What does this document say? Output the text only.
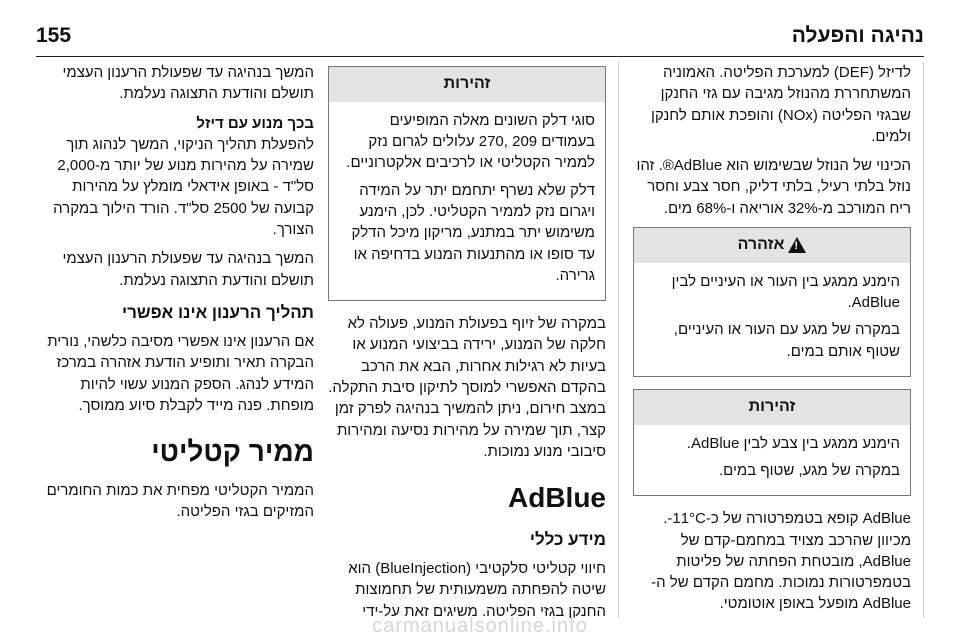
נהיגה והפעלה
155

המשך בנהיגה עד שפעולת הרענון העצמי תושלם והודעת התצוגה נעלמת.

בכך מנוע עם דיזל

להפעלת תהליך הניקוי, המשך לנהוג תוך שמירה על מהירות מנוע של יותר מ-2,000 סל"ד - באופן אידאלי מומלץ על מהירות קבועה של 2500 סל"ד. הורד הילוך במקרה הצורך.

המשך בנהיגה עד שפעולת הרענון העצמי תושלם והודעת התצוגה נעלמת.

תהליך הרענון אינו אפשרי

אם הרענון אינו אפשרי מסיבה כלשהי, נורית הבקרה תאיר ותופיע הודעת אזהרה במרכז המידע לנהג. הספק המנוע עשוי להיות מופחת. פנה מייד לקבלת סיוע ממוסך.

ממיר קטליטי

הממיר הקטליטי מפחית את כמות החומרים המזיקים בגזי הפליטה.

זהירות

סוגי דלק השונים מאלה המופיעים בעמודים 209 ,270 עלולים לגרום נזק לממיר הקטליטי או לרכיבים אלקטרוניים.

דלק שלא נשרף יתחמם יתר על המידה ויגרום נזק לממיר הקטליטי. לכן, הימנע משימוש יתר במתנע, מריקון מיכל הדלק עד סופו או מהתנעות המנוע בדחיפה או גרירה.

במקרה של זיוף בפעולת המנוע, פעולה לא חלקה של המנוע, ירידה בביצועי המנוע או בעיות לא רגילות אחרות, הבא את הרכב בהקדם האפשרי למוסך לתיקון סיבת התקלה. במצב חירום, ניתן להמשיך בנהיגה לפרק זמן קצר, תוך שמירה על מהירות נסיעה ומהירות סיבובי מנוע נמוכות.

AdBlue
מידע כללי

חיווי קטליטי סלקטיבי (BlueInjection) הוא שיטה להפחתה משמעותית של תחמוצות החנקן בגזי הפליטה. משיגים זאת על-ידי

לדיזל (DEF) למערכת הפליטה. האמוניה המשתחררת מהנוזל מגיבה עם גזי החנקן שבגזי הפליטה (NOx) והופכת אותם לחנקן ולמים.

הכינוי של הנוזל שבשימוש הוא AdBlue®. זהו נוזל בלתי רעיל, בלתי דליק, חסר צבע וחסר ריח המורכב מ-32% אוריאה ו-68% מים.

!
אזהרה

הימנע ממגע בין העור או העיניים לבין AdBlue.

במקרה של מגע עם העור או העיניים, שטוף אותם במים.

זהירות

הימנע ממגע בין צבע לבין AdBlue.

במקרה של מגע, שטוף במים.

AdBlue קופא בטמפרטורה של כ-11°C-. מכיוון שהרכב מצויד במחמם-קדם של AdBlue, מובטחת הפחתה של פליטות בטמפרטורות נמוכות. מחמם הקדם של ה-AdBlue מופעל באופן אוטומטי.

carmanualsonline.info
